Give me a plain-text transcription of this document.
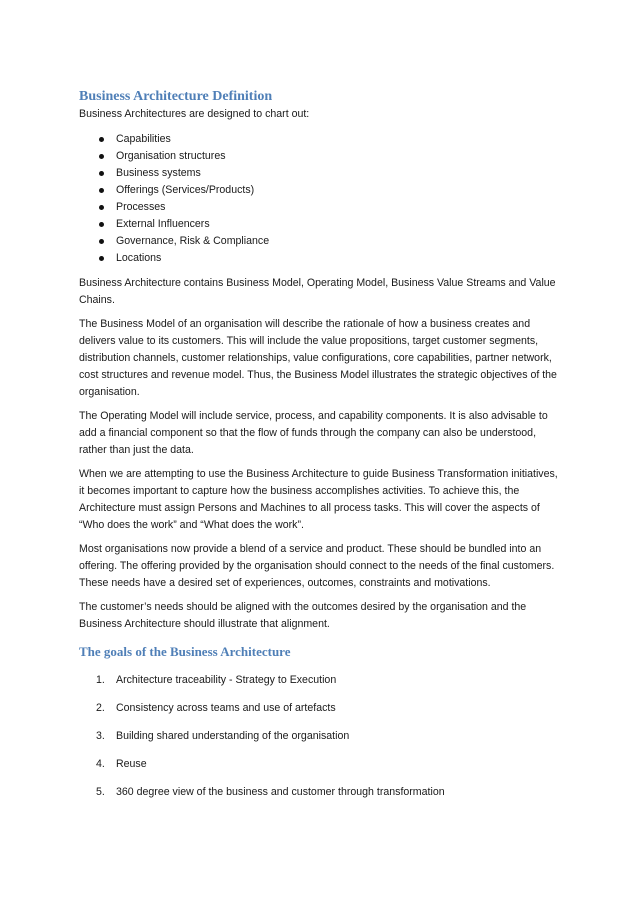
Business Architecture Definition

Business Architectures are designed to chart out:

Capabilities
Organisation structures
Business systems
Offerings (Services/Products)
Processes
External Influencers
Governance, Risk & Compliance
Locations

Business Architecture contains Business Model, Operating Model, Business Value Streams and Value Chains.

The Business Model of an organisation will describe the rationale of how a business creates and delivers value to its customers. This will include the value propositions, target customer segments, distribution channels, customer relationships, value configurations, core capabilities, partner network, cost structures and revenue model. Thus, the Business Model illustrates the strategic objectives of the organisation.

The Operating Model will include service, process, and capability components. It is also advisable to add a financial component so that the flow of funds through the company can also be understood, rather than just the data.

When we are attempting to use the Business Architecture to guide Business Transformation initiatives, it becomes important to capture how the business accomplishes activities. To achieve this, the Architecture must assign Persons and Machines to all process tasks. This will cover the aspects of “Who does the work” and “What does the work”.

Most organisations now provide a blend of a service and product. These should be bundled into an offering. The offering provided by the organisation should connect to the needs of the final customers. These needs have a desired set of experiences, outcomes, constraints and motivations.

The customer’s needs should be aligned with the outcomes desired by the organisation and the Business Architecture should illustrate that alignment.

The goals of the Business Architecture
1. Architecture traceability - Strategy to Execution
2. Consistency across teams and use of artefacts
3. Building shared understanding of the organisation
4. Reuse
5. 360 degree view of the business and customer through transformation
